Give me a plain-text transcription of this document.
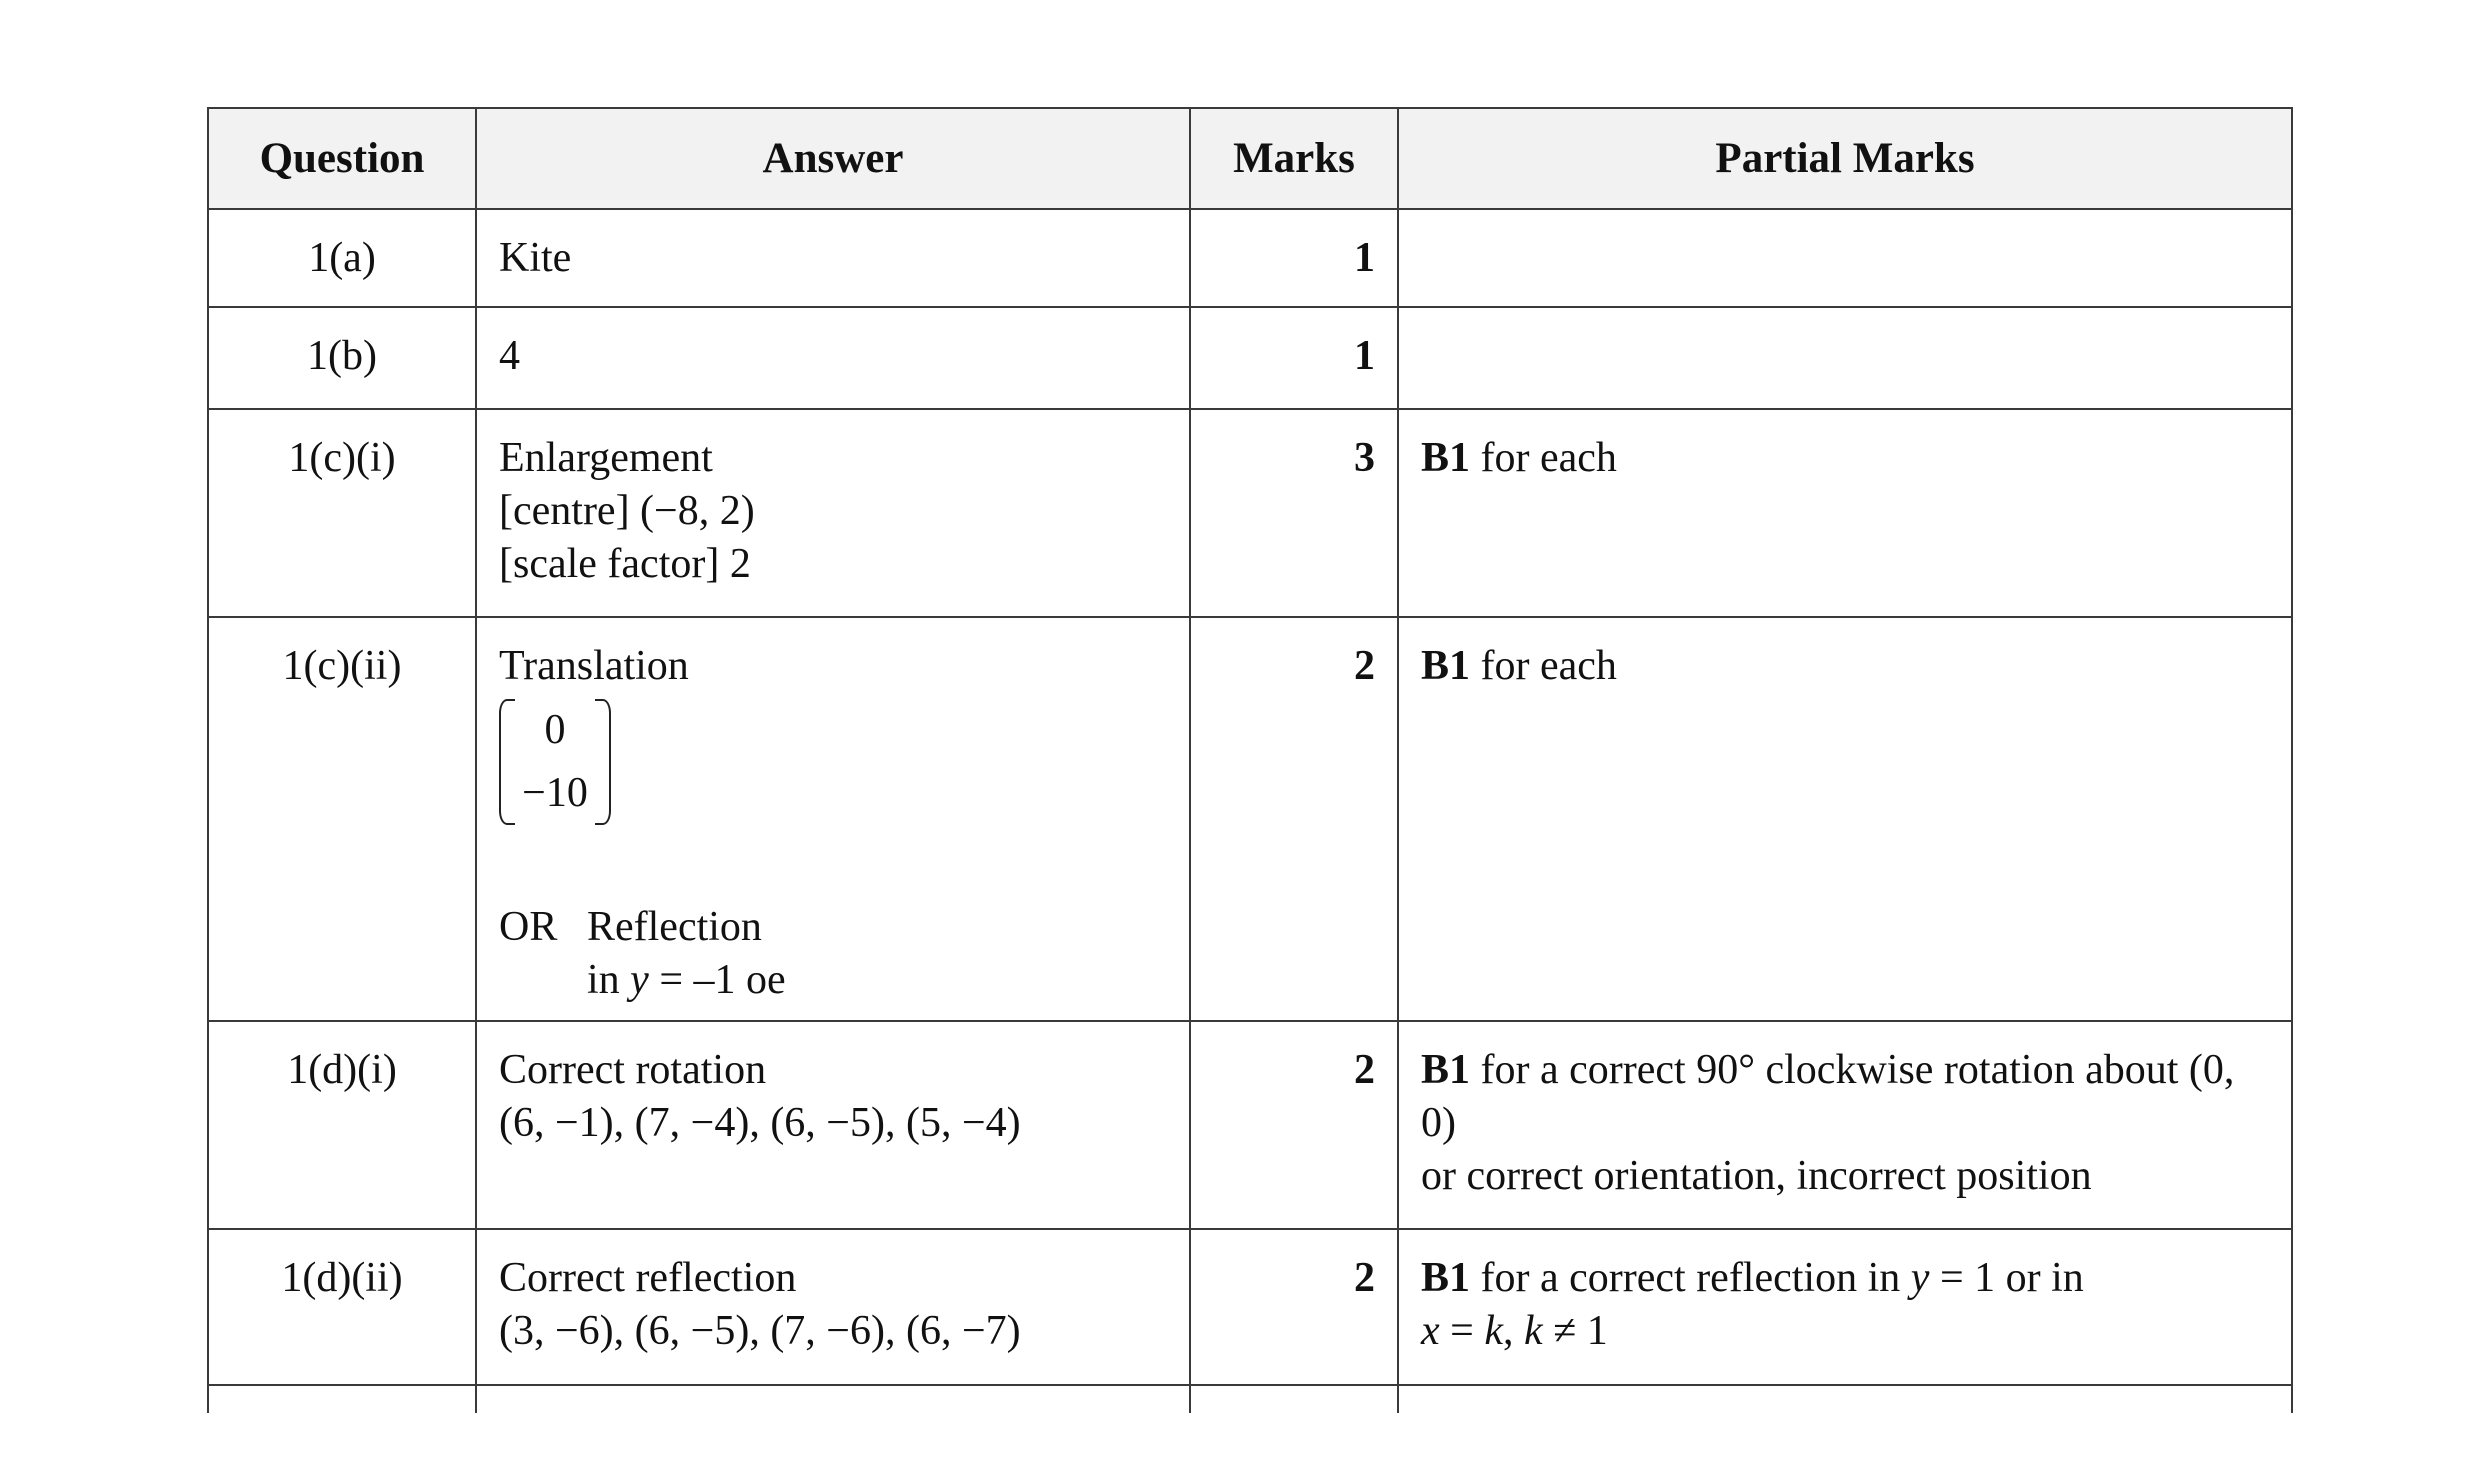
Question	Answer	Marks	Partial Marks
1(a)	Kite	1	
1(b)	4	1	
1(c)(i)	Enlargement
[centre] (−8, 2)
[scale factor] 2	3	B1 for each
1(c)(ii)	Translation
0
−10
OR Reflection
in y = –1 oe	2	B1 for each
1(d)(i)	Correct rotation
(6, −1), (7, −4), (6, −5), (5, −4)	2	B1 for a correct 90° clockwise rotation about (0, 0)
or correct orientation, incorrect position

1(d)(ii)	Correct reflection
(3, −6), (6, −5), (7, −6), (6, −7)	2	B1 for a correct reflection in y = 1 or in
x = k, k ≠ 1
